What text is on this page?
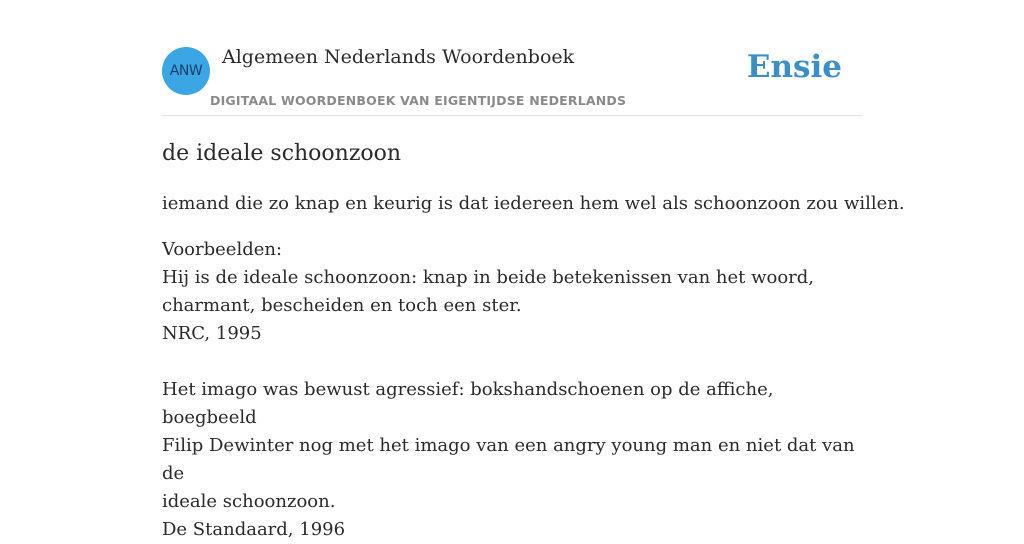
ANW
Algemeen Nederlands Woordenboek
DIGITAAL WOORDENBOEK VAN EIGENTIJDSE NEDERLANDS
Ensie
de ideale schoonzoon

iemand die zo knap en keurig is dat iedereen hem wel als schoonzoon zou willen.

Voorbeelden:
Hij is de ideale schoonzoon: knap in beide betekenissen van het woord,
charmant, bescheiden en toch een ster.
NRC, 1995
Het imago was bewust agressief: bokshandschoenen op de affiche, boegbeeld
Filip Dewinter nog met het imago van een angry young man en niet dat van de
ideale schoonzoon.
De Standaard, 1996
